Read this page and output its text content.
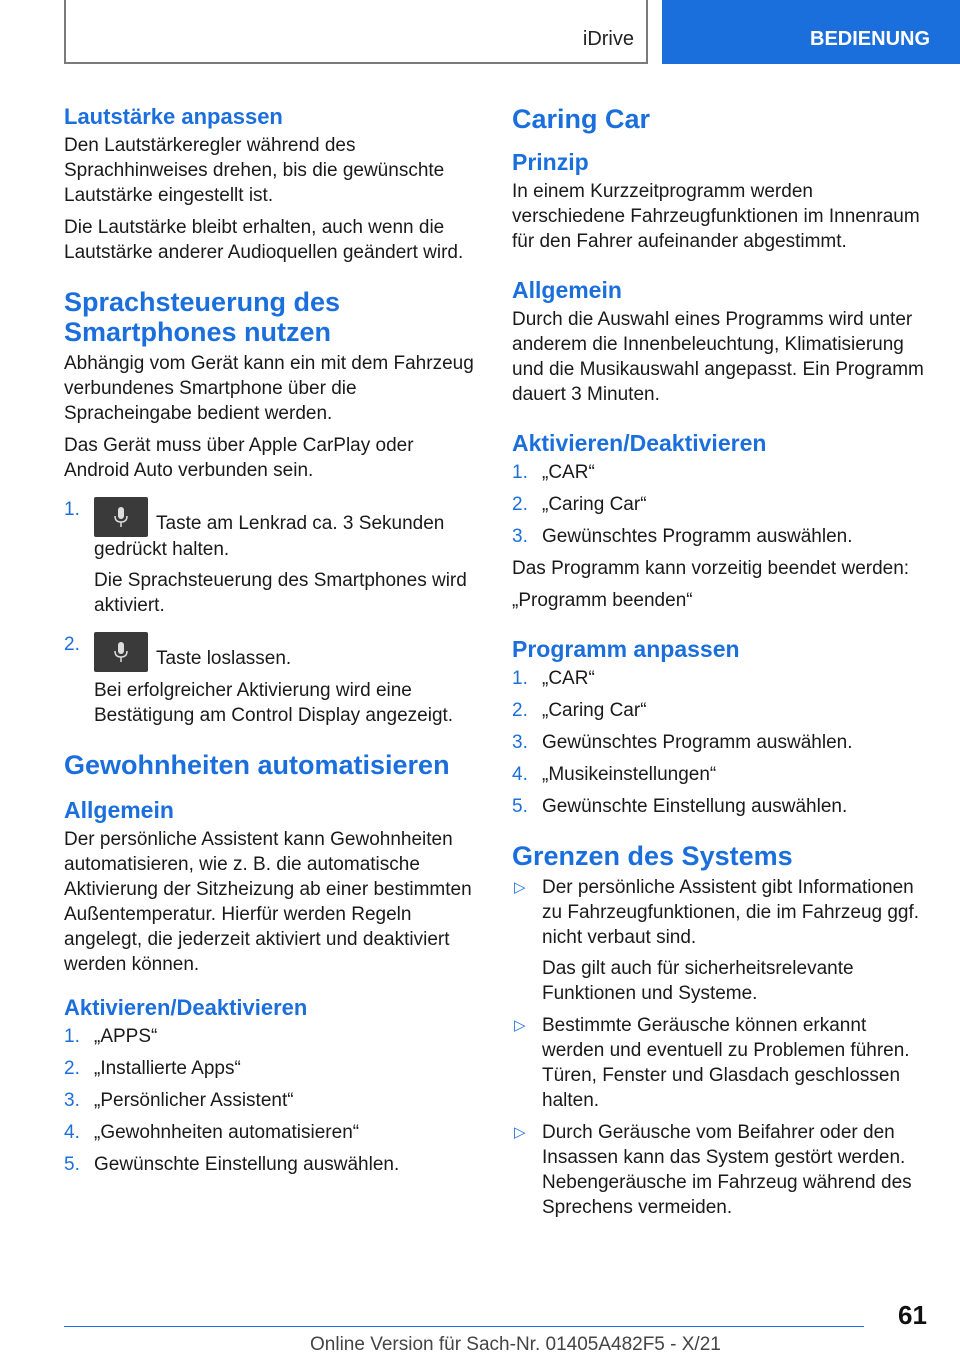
iDrive	BEDIENUNG
Lautstärke anpassen

Den Lautstärkeregler während des Sprachhinweises drehen, bis die gewünschte Lautstärke eingestellt ist.

Die Lautstärke bleibt erhalten, auch wenn die Lautstärke anderer Audioquellen geändert wird.

Sprachsteuerung des Smartphones nutzen

Abhängig vom Gerät kann ein mit dem Fahrzeug verbundenes Smartphone über die Spracheingabe bedient werden.

Das Gerät muss über Apple CarPlay oder Android Auto verbunden sein.

1.
Taste am Lenkrad ca. 3 Sekunden gedrückt halten.

Die Sprachsteuerung des Smartphones wird aktiviert.

2.
Taste loslassen.

Bei erfolgreicher Aktivierung wird eine Bestätigung am Control Display angezeigt.

Gewohnheiten automatisieren
Allgemein

Der persönliche Assistent kann Gewohnheiten automatisieren, wie z. B. die automatische Aktivierung der Sitzheizung ab einer bestimmten Außentemperatur. Hierfür werden Regeln angelegt, die jederzeit aktiviert und deaktiviert werden können.

Aktivieren/Deaktivieren
1. „APPS“
2. „Installierte Apps“
3. „Persönlicher Assistent“
4. „Gewohnheiten automatisieren“
5. Gewünschte Einstellung auswählen.
Caring Car
Prinzip

In einem Kurzzeitprogramm werden verschiedene Fahrzeugfunktionen im Innenraum für den Fahrer aufeinander abgestimmt.

Allgemein

Durch die Auswahl eines Programms wird unter anderem die Innenbeleuchtung, Klimatisierung und die Musikauswahl angepasst. Ein Programm dauert 3 Minuten.

Aktivieren/Deaktivieren
1. „CAR“
2. „Caring Car“
3. Gewünschtes Programm auswählen.

Das Programm kann vorzeitig beendet werden:

„Programm beenden“

Programm anpassen
1. „CAR“
2. „Caring Car“
3. Gewünschtes Programm auswählen.
4. „Musikeinstellungen“
5. Gewünschte Einstellung auswählen.
Grenzen des Systems
▷ Der persönliche Assistent gibt Informationen zu Fahrzeugfunktionen, die im Fahrzeug ggf. nicht verbaut sind.

Das gilt auch für sicherheitsrelevante Funktionen und Systeme.

▷ Bestimmte Geräusche können erkannt werden und eventuell zu Problemen führen. Türen, Fenster und Glasdach geschlossen halten.
▷ Durch Geräusche vom Beifahrer oder den Insassen kann das System gestört werden. Nebengeräusche im Fahrzeug während des Sprechens vermeiden.
61
Online Version für Sach-Nr. 01405A482F5 - X/21
